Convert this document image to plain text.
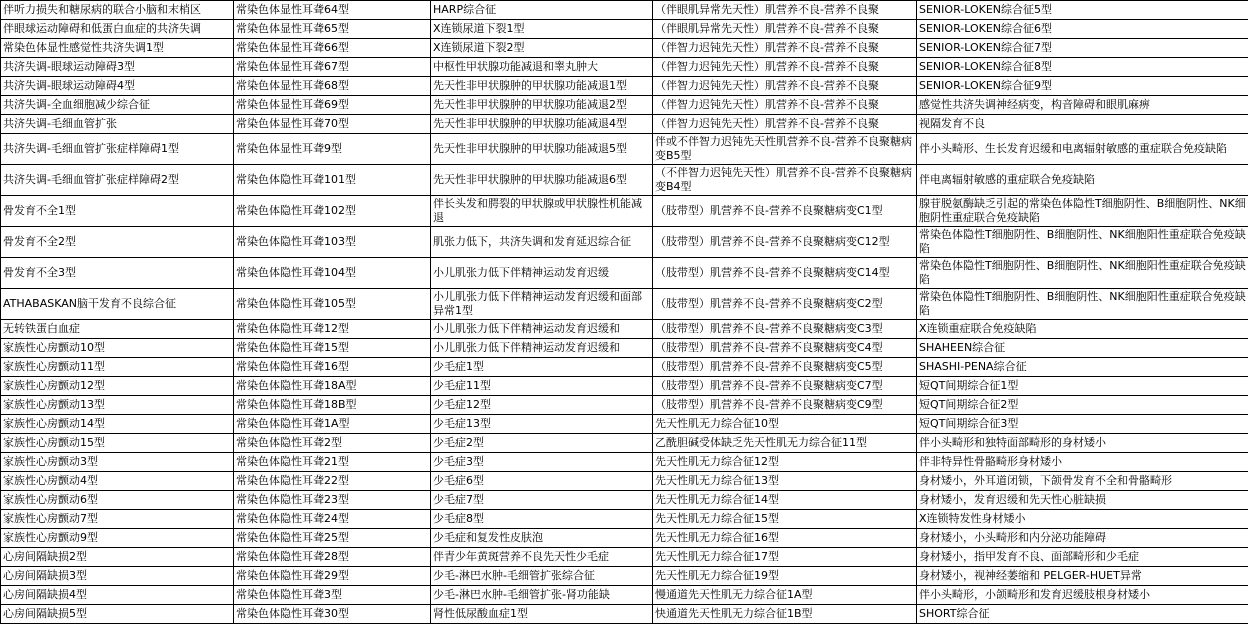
伴听力损失和糖尿病的联合小脑和末梢区	常染色体显性耳聋64型	HARP综合征	（伴眼肌异常先天性）肌营养不良-营养不良聚	SENIOR-LOKEN综合征5型
伴眼球运动障碍和低蛋白血症的共济失调	常染色体显性耳聋65型	X连锁尿道下裂1型	（伴眼肌异常先天性）肌营养不良-营养不良聚	SENIOR-LOKEN综合征6型
常染色体显性感觉性共济失调1型	常染色体显性耳聋66型	X连锁尿道下裂2型	（伴智力迟钝先天性）肌营养不良-营养不良聚	SENIOR-LOKEN综合征7型
共济失调-眼球运动障碍3型	常染色体显性耳聋67型	中枢性甲状腺功能减退和睾丸肿大	（伴智力迟钝先天性）肌营养不良-营养不良聚	SENIOR-LOKEN综合征8型
共济失调-眼球运动障碍4型	常染色体显性耳聋68型	先天性非甲状腺肿的甲状腺功能减退1型	（伴智力迟钝先天性）肌营养不良-营养不良聚	SENIOR-LOKEN综合征9型
共济失调-全血细胞减少综合征	常染色体显性耳聋69型	先天性非甲状腺肿的甲状腺功能减退2型	（伴智力迟钝先天性）肌营养不良-营养不良聚	感觉性共济失调神经病变，构音障碍和眼肌麻痹
共济失调-毛细血管扩张	常染色体显性耳聋70型	先天性非甲状腺肿的甲状腺功能减退4型	（伴智力迟钝先天性）肌营养不良-营养不良聚	视隔发育不良

共济失调-毛细血管扩张症样障碍1型	常染色体显性耳聋9型	先天性非甲状腺肿的甲状腺功能减退5型	伴或不伴智力迟钝先天性肌营养不良-营养不良聚糖病变B5型	伴小头畸形、生长发育迟缓和电离辐射敏感的重症联合免疫缺陷

共济失调-毛细血管扩张症样障碍2型	常染色体隐性耳聋101型	先天性非甲状腺肿的甲状腺功能减退6型	（不伴智力迟钝先天性）肌营养不良-营养不良聚糖病变B4型	伴电离辐射敏感的重症联合免疫缺陷

骨发育不全1型	常染色体隐性耳聋102型	伴长头发和腭裂的甲状腺或甲状腺性机能减退	（肢带型）肌营养不良-营养不良聚糖病变C1型	腺苷脱氨酶缺乏引起的常染色体隐性T细胞阴性、B细胞阴性、NK细胞阴性重症联合免疫缺陷

骨发育不全2型	常染色体隐性耳聋103型	肌张力低下，共济失调和发育延迟综合征	（肢带型）肌营养不良-营养不良聚糖病变C12型	常染色体隐性T细胞阴性、B细胞阴性、NK细胞阳性重症联合免疫缺陷

骨发育不全3型	常染色体隐性耳聋104型	小儿肌张力低下伴精神运动发育迟缓	（肢带型）肌营养不良-营养不良聚糖病变C14型	常染色体隐性T细胞阴性、B细胞阴性、NK细胞阳性重症联合免疫缺陷

ATHABASKAN脑干发育不良综合征	常染色体隐性耳聋105型	小儿肌张力低下伴精神运动发育迟缓和面部异常1型	（肢带型）肌营养不良-营养不良聚糖病变C2型	常染色体隐性T细胞阴性、B细胞阴性、NK细胞阳性重症联合免疫缺陷

无转铁蛋白血症	常染色体隐性耳聋12型	小儿肌张力低下伴精神运动发育迟缓和	（肢带型）肌营养不良-营养不良聚糖病变C3型	X连锁重症联合免疫缺陷
家族性心房颤动10型	常染色体隐性耳聋15型	小儿肌张力低下伴精神运动发育迟缓和	（肢带型）肌营养不良-营养不良聚糖病变C4型	SHAHEEN综合征
家族性心房颤动11型	常染色体隐性耳聋16型	少毛症1型	（肢带型）肌营养不良-营养不良聚糖病变C5型	SHASHI-PENA综合征
家族性心房颤动12型	常染色体隐性耳聋18A型	少毛症11型	（肢带型）肌营养不良-营养不良聚糖病变C7型	短QT间期综合征1型
家族性心房颤动13型	常染色体隐性耳聋18B型	少毛症12型	（肢带型）肌营养不良-营养不良聚糖病变C9型	短QT间期综合征2型
家族性心房颤动14型	常染色体隐性耳聋1A型	少毛症13型	先天性肌无力综合征10型	短QT间期综合征3型
家族性心房颤动15型	常染色体隐性耳聋2型	少毛症2型	乙酰胆碱受体缺乏先天性肌无力综合征11型	伴小头畸形和独特面部畸形的身材矮小
家族性心房颤动3型	常染色体隐性耳聋21型	少毛症3型	先天性肌无力综合征12型	伴非特异性骨骼畸形身材矮小
家族性心房颤动4型	常染色体隐性耳聋22型	少毛症6型	先天性肌无力综合征13型	身材矮小，外耳道闭锁，下颌骨发育不全和骨骼畸形
家族性心房颤动6型	常染色体隐性耳聋23型	少毛症7型	先天性肌无力综合征14型	身材矮小，发育迟缓和先天性心脏缺损
家族性心房颤动7型	常染色体隐性耳聋24型	少毛症8型	先天性肌无力综合征15型	X连锁特发性身材矮小
家族性心房颤动9型	常染色体隐性耳聋25型	少毛症和复发性皮肤泡	先天性肌无力综合征16型	身材矮小，小头畸形和内分泌功能障碍
心房间隔缺损2型	常染色体隐性耳聋28型	伴青少年黄斑营养不良先天性少毛症	先天性肌无力综合征17型	身材矮小，指甲发育不良、面部畸形和少毛症
心房间隔缺损3型	常染色体隐性耳聋29型	少毛-淋巴水肿-毛细管扩张综合征	先天性肌无力综合征19型	身材矮小，视神经萎缩和 PELGER-HUET异常
心房间隔缺损4型	常染色体隐性耳聋3型	少毛-淋巴水肿-毛细管扩张-肾功能缺	慢通道先天性肌无力综合征1A型	伴小头畸形，小颌畸形和发育迟缓肢根身材矮小
心房间隔缺损5型	常染色体隐性耳聋30型	肾性低尿酸血症1型	快通道先天性肌无力综合征1B型	SHORT综合征
